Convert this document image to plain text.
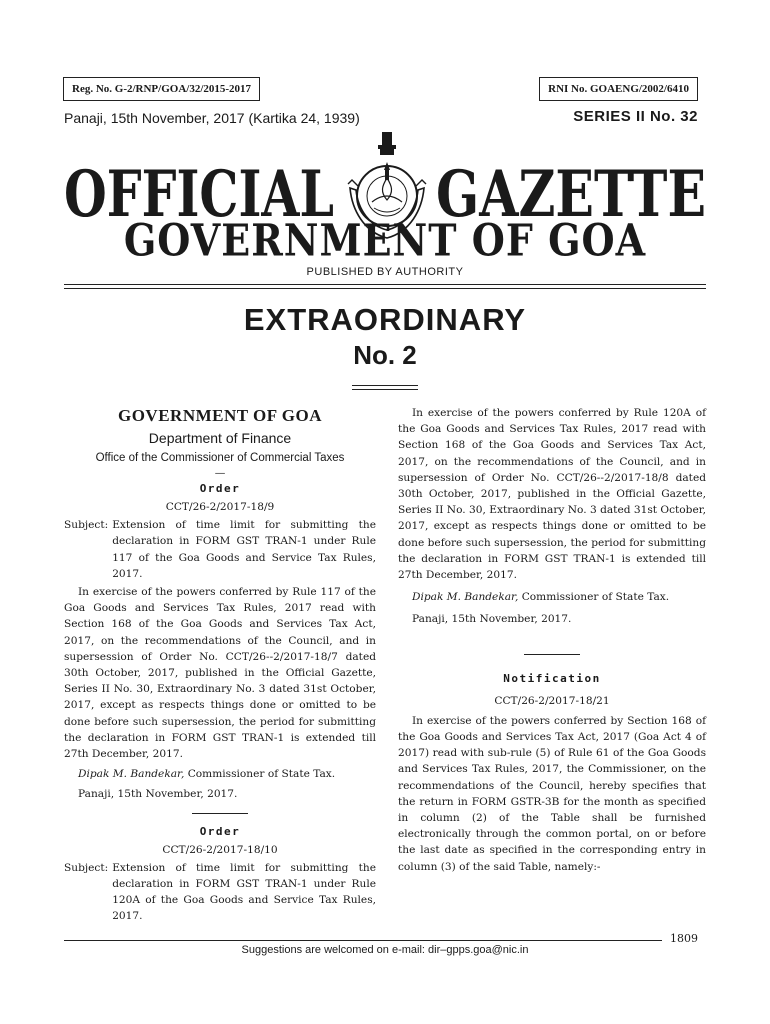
Reg. No. G-2/RNP/GOA/32/2015-2017	RNI No. GOAENG/2002/6410
Panaji, 15th November, 2017 (Kartika 24, 1939)	SERIES II No. 32
OFFICIAL GAZETTE
GOVERNMENT OF GOA
PUBLISHED BY AUTHORITY
EXTRAORDINARY
No. 2
GOVERNMENT OF GOA
Department of Finance
Office of the Commissioner of Commercial Taxes
—
Order
CCT/26-2/2017-18/9
Subject: Extension of time limit for submitting the declaration in FORM GST TRAN-1 under Rule 117 of the Goa Goods and Service Tax Rules, 2017.
In exercise of the powers conferred by Rule 117 of the Goa Goods and Services Tax Rules, 2017 read with Section 168 of the Goa Goods and Services Tax Act, 2017, on the recommendations of the Council, and in supersession of Order No. CCT/26--2/2017-18/7 dated 30th October, 2017, published in the Official Gazette, Series II No. 30, Extraordinary No. 3 dated 31st October, 2017, except as respects things done or omitted to be done before such supersession, the period for submitting the declaration in FORM GST TRAN-1 is extended till 27th December, 2017.
Dipak M. Bandekar, Commissioner of State Tax.
Panaji, 15th November, 2017.
Order
CCT/26-2/2017-18/10
Subject: Extension of time limit for submitting the declaration in FORM GST TRAN-1 under Rule 120A of the Goa Goods and Service Tax Rules, 2017.
In exercise of the powers conferred by Rule 120A of the Goa Goods and Services Tax Rules, 2017 read with Section 168 of the Goa Goods and Services Tax Act, 2017, on the recommendations of the Council, and in supersession of Order No. CCT/26--2/2017-18/8 dated 30th October, 2017, published in the Official Gazette, Series II No. 30, Extraordinary No. 3 dated 31st October, 2017, except as respects things done or omitted to be done before such supersession, the period for submitting the declaration in FORM GST TRAN-1 is extended till 27th December, 2017.
Dipak M. Bandekar, Commissioner of State Tax.
Panaji, 15th November, 2017.
Notification
CCT/26-2/2017-18/21
In exercise of the powers conferred by Section 168 of the Goa Goods and Services Tax Act, 2017 (Goa Act 4 of 2017) read with sub-rule (5) of Rule 61 of the Goa Goods and Services Tax Rules, 2017, the Commissioner, on the recommendations of the Council, hereby specifies that the return in FORM GSTR-3B for the month as specified in column (2) of the Table shall be furnished electronically through the common portal, on or before the last date as specified in the corresponding entry in column (3) of the said Table, namely:-
1809
Suggestions are welcomed on e-mail: dir–gpps.goa@nic.in
